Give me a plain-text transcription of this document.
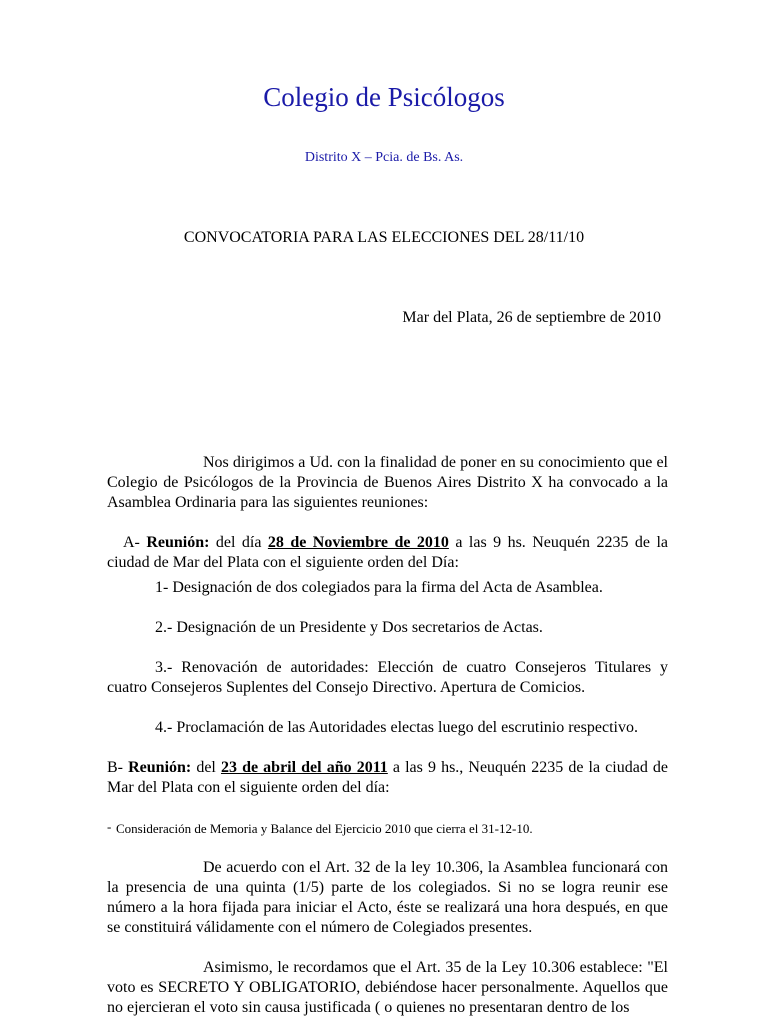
Colegio de Psicólogos
Distrito X – Pcia. de Bs. As.
CONVOCATORIA PARA LAS ELECCIONES DEL 28/11/10
Mar del Plata, 26 de septiembre de 2010

Nos dirigimos a Ud. con la finalidad de poner en su conocimiento que el Colegio de Psicólogos de la Provincia de Buenos Aires Distrito X ha convocado a la Asamblea Ordinaria para las siguientes reuniones:

A- Reunión: del día 28 de Noviembre de 2010 a las 9 hs. Neuquén 2235 de la ciudad de Mar del Plata con el siguiente orden del Día:

1- Designación de dos colegiados para la firma del Acta de Asamblea.

2.- Designación de un Presidente y Dos secretarios de Actas.

3.- Renovación de autoridades: Elección de cuatro Consejeros Titulares y cuatro Consejeros Suplentes del Consejo Directivo. Apertura de Comicios.

4.- Proclamación de las Autoridades electas luego del escrutinio respectivo.

B- Reunión: del 23 de abril del año 2011 a las 9 hs., Neuquén 2235 de la ciudad de Mar del Plata con el siguiente orden del día:

- Consideración de Memoria y Balance del Ejercicio 2010 que cierra el 31-12-10.

De acuerdo con el Art. 32 de la ley 10.306, la Asamblea funcionará con la presencia de una quinta (1/5) parte de los colegiados. Si no se logra reunir ese número a la hora fijada para iniciar el Acto, éste se realizará una hora después, en que se constituirá válidamente con el número de Colegiados presentes.

Asimismo, le recordamos que el Art. 35 de la Ley 10.306 establece: "El voto es SECRETO Y OBLIGATORIO, debiéndose hacer personalmente. Aquellos que no ejercieran el voto sin causa justificada ( o quienes no presentaran dentro de los
